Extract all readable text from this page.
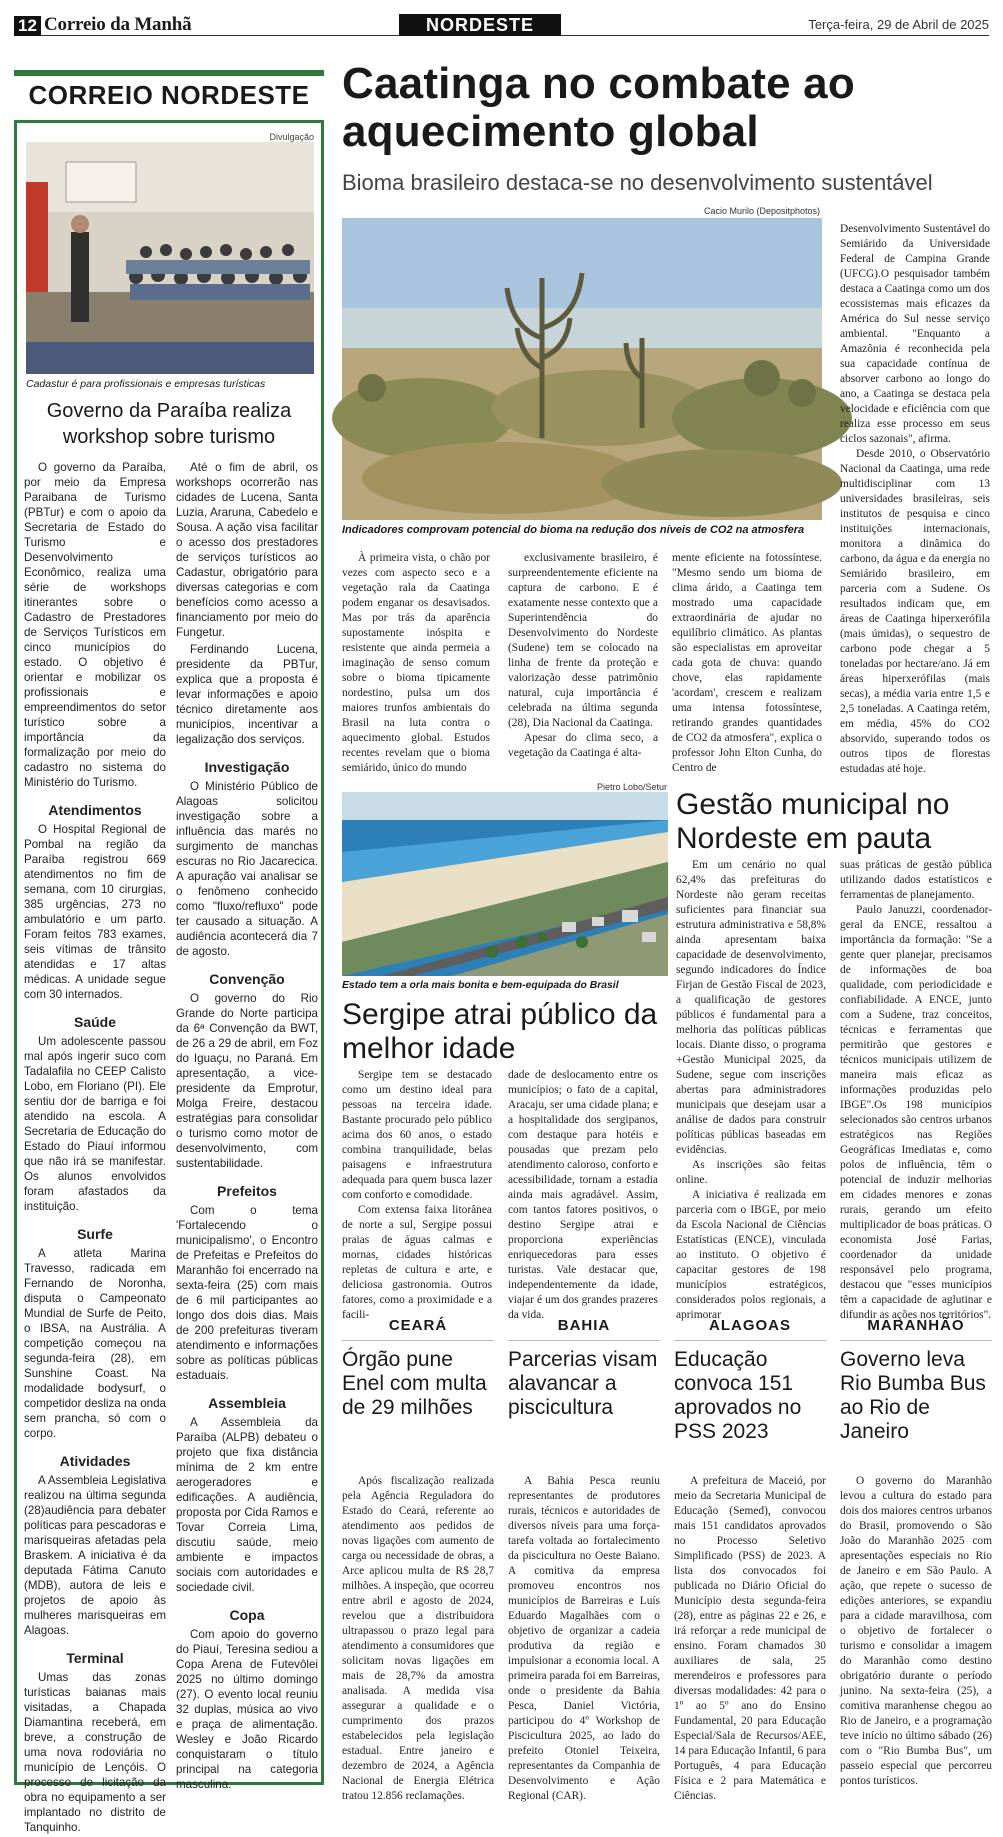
12 Correio da Manhã	NORDESTE	Terça-feira, 29 de Abril de 2025
CORREIO NORDESTE
Divulgação
Cadastur é para profissionais e empresas turísticas
Governo da Paraíba realiza workshop sobre turismo

O governo da Paraíba, por meio da Empresa Paraibana de Turismo (PBTur) e com o apoio da Secretaria de Estado do Turismo e Desenvolvimento Econômico, realiza uma série de workshops itinerantes sobre o Cadastro de Prestadores de Serviços Turísticos em cinco municípios do estado. O objetivo é orientar e mobilizar os profissionais e empreendimentos do setor turístico sobre a importância da formalização por meio do cadastro no sistema do Ministério do Turismo.

Atendimentos

O Hospital Regional de Pombal na região da Paraíba registrou 669 atendimentos no fim de semana, com 10 cirurgias, 385 urgências, 273 no ambulatório e um parto. Foram feitos 783 exames, seis vítimas de trânsito atendidas e 17 altas médicas. A unidade segue com 30 internados.

Saúde

Um adolescente passou mal após ingerir suco com Tadalafila no CEEP Calisto Lobo, em Floriano (PI). Ele sentiu dor de barriga e foi atendido na escola. A Secretaria de Educação do Estado do Piauí informou que não irá se manifestar. Os alunos envolvidos foram afastados da instituição.

Surfe

A atleta Marina Travesso, radicada em Fernando de Noronha, disputa o Campeonato Mundial de Surfe de Peito, o IBSA, na Austrália. A competição começou na segunda-feira (28), em Sunshine Coast. Na modalidade bodysurf, o competidor desliza na onda sem prancha, só com o corpo.

Atividades

A Assembleia Legislativa realizou na última segunda (28)audiência para debater políticas para pescadoras e marisqueiras afetadas pela Braskem. A iniciativa é da deputada Fátima Canuto (MDB), autora de leis e projetos de apoio às mulheres marisqueiras em Alagoas.

Terminal

Umas das zonas turísticas baianas mais visitadas, a Chapada Diamantina receberá, em breve, a construção de uma nova rodoviária no município de Lençóis. O processo de licitação da obra no equipamento a ser implantado no distrito de Tanquinho.

Até o fim de abril, os workshops ocorrerão nas cidades de Lucena, Santa Luzia, Araruna, Cabedelo e Sousa. A ação visa facilitar o acesso dos prestadores de serviços turísticos ao Cadastur, obrigatório para diversas categorias e com benefícios como acesso a financiamento por meio do Fungetur.

Ferdinando Lucena, presidente da PBTur, explica que a proposta é levar informações e apoio técnico diretamente aos municípios, incentivar a legalização dos serviços.

Investigação

O Ministério Público de Alagoas solicitou investigação sobre a influência das marés no surgimento de manchas escuras no Rio Jacarecica. A apuração vai analisar se o fenômeno conhecido como "fluxo/refluxo" pode ter causado a situação. A audiência acontecerá dia 7 de agosto.

Convenção

O governo do Rio Grande do Norte participa da 6ª Convenção da BWT, de 26 a 29 de abril, em Foz do Iguaçu, no Paraná. Em apresentação, a vice-presidente da Emprotur, Molga Freire, destacou estratégias para consolidar o turismo como motor de desenvolvimento, com sustentabilidade.

Prefeitos

Com o tema 'Fortalecendo o municipalismo', o Encontro de Prefeitas e Prefeitos do Maranhão foi encerrado na sexta-feira (25) com mais de 6 mil participantes ao longo dos dois dias. Mais de 200 prefeituras tiveram atendimento e informações sobre as políticas públicas estaduais.

Assembleia

A Assembleia da Paraíba (ALPB) debateu o projeto que fixa distância mínima de 2 km entre aerogeradores e edificações. A audiência, proposta por Cida Ramos e Tovar Correia Lima, discutiu saúde, meio ambiente e impactos sociais com autoridades e sociedade civil.

Copa

Com apoio do governo do Piauí, Teresina sediou a Copa Arena de Futevôlei 2025 no último domingo (27). O evento local reuniu 32 duplas, música ao vivo e praça de alimentação. Wesley e João Ricardo conquistaram o título principal na categoria masculina.

Caatinga no combate ao aquecimento global
Bioma brasileiro destaca-se no desenvolvimento sustentável
Cacio Murilo (Depositphotos)
Indicadores comprovam potencial do bioma na redução dos níveis de CO2 na atmosfera

À primeira vista, o chão por vezes com aspecto seco e a vegetação rala da Caatinga podem enganar os desavisados. Mas por trás da aparência supostamente inóspita e resistente que ainda permeia a imaginação de senso comum sobre o bioma tipicamente nordestino, pulsa um dos maiores trunfos ambientais do Brasil na luta contra o aquecimento global. Estudos recentes revelam que o bioma semiárido, único do mundo

exclusivamente brasileiro, é surpreendentemente eficiente na captura de carbono. E é exatamente nesse contexto que a Superintendência do Desenvolvimento do Nordeste (Sudene) tem se colocado na linha de frente da proteção e valorização desse patrimônio natural, cuja importância é celebrada na última segunda (28), Dia Nacional da Caatinga.

Apesar do clima seco, a vegetação da Caatinga é alta-

mente eficiente na fotossíntese. "Mesmo sendo um bioma de clima árido, a Caatinga tem mostrado uma capacidade extraordinária de ajudar no equilíbrio climático. As plantas são especialistas em aproveitar cada gota de chuva: quando chove, elas rapidamente 'acordam', crescem e realizam uma intensa fotossíntese, retirando grandes quantidades de CO2 da atmosfera", explica o professor John Elton Cunha, do Centro de

Desenvolvimento Sustentável do Semiárido da Universidade Federal de Campina Grande (UFCG).O pesquisador também destaca a Caatinga como um dos ecossistemas mais eficazes da América do Sul nesse serviço ambiental. "Enquanto a Amazônia é reconhecida pela sua capacidade contínua de absorver carbono ao longo do ano, a Caatinga se destaca pela velocidade e eficiência com que realiza esse processo em seus ciclos sazonais", afirma.

Desde 2010, o Observatório Nacional da Caatinga, uma rede multidisciplinar com 13 universidades brasileiras, seis institutos de pesquisa e cinco instituições internacionais, monitora a dinâmica do carbono, da água e da energia no Semiárido brasileiro, em parceria com a Sudene. Os resultados indicam que, em áreas de Caatinga hiperxerófila (mais úmidas), o sequestro de carbono pode chegar a 5 toneladas por hectare/ano. Já em áreas hiperxerófilas (mais secas), a média varia entre 1,5 e 2,5 toneladas. A Caatinga retém, em média, 45% do CO2 absorvido, superando todos os outros tipos de florestas estudadas até hoje.

Pietro Lobo/Setur
Estado tem a orla mais bonita e bem-equipada do Brasil
Sergipe atrai público da melhor idade

Sergipe tem se destacado como um destino ideal para pessoas na terceira idade. Bastante procurado pelo público acima dos 60 anos, o estado combina tranquilidade, belas paisagens e infraestrutura adequada para quem busca lazer com conforto e comodidade.

Com extensa faixa litorânea de norte a sul, Sergipe possui praias de águas calmas e mornas, cidades históricas repletas de cultura e arte, e deliciosa gastronomia. Outros fatores, como a proximidade e a facili-

dade de deslocamento entre os municípios; o fato de a capital, Aracaju, ser uma cidade plana; e a hospitalidade dos sergipanos, com destaque para hotéis e pousadas que prezam pelo atendimento caloroso, conforto e acessibilidade, tornam a estadia ainda mais agradável. Assim, com tantos fatores positivos, o destino Sergipe atrai e proporciona experiências enriquecedoras para esses turistas. Vale destacar que, independentemente da idade, viajar é um dos grandes prazeres da vida.

Gestão municipal no Nordeste em pauta

Em um cenário no qual 62,4% das prefeituras do Nordeste não geram receitas suficientes para financiar sua estrutura administrativa e 58,8% ainda apresentam baixa capacidade de desenvolvimento, segundo indicadores do Índice Firjan de Gestão Fiscal de 2023, a qualificação de gestores públicos é fundamental para a melhoria das políticas públicas locais. Diante disso, o programa +Gestão Municipal 2025, da Sudene, segue com inscrições abertas para administradores municipais que desejam usar a análise de dados para construir políticas públicas baseadas em evidências.

As inscrições são feitas online.

A iniciativa é realizada em parceria com o IBGE, por meio da Escola Nacional de Ciências Estatísticas (ENCE), vinculada ao instituto. O objetivo é capacitar gestores de 198 municípios estratégicos, considerados polos regionais, a aprimorar

suas práticas de gestão pública utilizando dados estatísticos e ferramentas de planejamento.

Paulo Januzzi, coordenador-geral da ENCE, ressaltou a importância da formação: "Se a gente quer planejar, precisamos de informações de boa qualidade, com periodicidade e confiabilidade. A ENCE, junto com a Sudene, traz conceitos, técnicas e ferramentas que permitirão que gestores e técnicos municipais utilizem de maneira mais eficaz as informações produzidas pelo IBGE".Os 198 municípios selecionados são centros urbanos estratégicos nas Regiões Geográficas Imediatas e, como polos de influência, têm o potencial de induzir melhorias em cidades menores e zonas rurais, gerando um efeito multiplicador de boas práticas. O economista José Farias, coordenador da unidade responsável pelo programa, destacou que "esses municípios têm a capacidade de aglutinar e difundir as ações nos territórios".

CEARÁ
Órgão pune Enel com multa de 29 milhões

Após fiscalização realizada pela Agência Reguladora do Estado do Ceará, referente ao atendimento aos pedidos de novas ligações com aumento de carga ou necessidade de obras, a Arce aplicou multa de R$ 28,7 milhões. A inspeção, que ocorreu entre abril e agosto de 2024, revelou que a distribuidora ultrapassou o prazo legal para atendimento a consumidores que solicitam novas ligações em mais de 28,7% da amostra analisada. A medida visa assegurar a qualidade e o cumprimento dos prazos estabelecidos pela legislação estadual. Entre janeiro e dezembro de 2024, a Agência Nacional de Energia Elétrica tratou 12.856 reclamações.

BAHIA
Parcerias visam alavancar a piscicultura

A Bahia Pesca reuniu representantes de produtores rurais, técnicos e autoridades de diversos níveis para uma força-tarefa voltada ao fortalecimento da piscicultura no Oeste Baiano. A comitiva da empresa promoveu encontros nos municípios de Barreiras e Luís Eduardo Magalhães com o objetivo de organizar a cadeia produtiva da região e impulsionar a economia local. A primeira parada foi em Barreiras, onde o presidente da Bahia Pesca, Daniel Victória, participou do 4º Workshop de Piscicultura 2025, ao lado do prefeito Otoniel Teixeira, representantes da Companhia de Desenvolvimento e Ação Regional (CAR).

ALAGOAS
Educação convoca 151 aprovados no PSS 2023

A prefeitura de Maceió, por meio da Secretaria Municipal de Educação (Semed), convocou mais 151 candidatos aprovados no Processo Seletivo Simplificado (PSS) de 2023. A lista dos convocados foi publicada no Diário Oficial do Município desta segunda-feira (28), entre as páginas 22 e 26, e irá reforçar a rede municipal de ensino. Foram chamados 30 auxiliares de sala, 25 merendeiros e professores para diversas modalidades: 42 para o 1º ao 5º ano do Ensino Fundamental, 20 para Educação Especial/Sala de Recursos/AEE, 14 para Educação Infantil, 6 para Português, 4 para Educação Física e 2 para Matemática e Ciências.

MARANHÃO
Governo leva Rio Bumba Bus ao Rio de Janeiro

O governo do Maranhão levou a cultura do estado para dois dos maiores centros urbanos do Brasil, promovendo o São João do Maranhão 2025 com apresentações especiais no Rio de Janeiro e em São Paulo. A ação, que repete o sucesso de edições anteriores, se expandiu para a cidade maravilhosa, com o objetivo de fortalecer o turismo e consolidar a imagem do Maranhão como destino obrigatório durante o período junino. Na sexta-feira (25), a comitiva maranhense chegou ao Rio de Janeiro, e a programação teve início no último sábado (26) com o "Rio Bumba Bus", um passeio especial que percorreu pontos turísticos.
